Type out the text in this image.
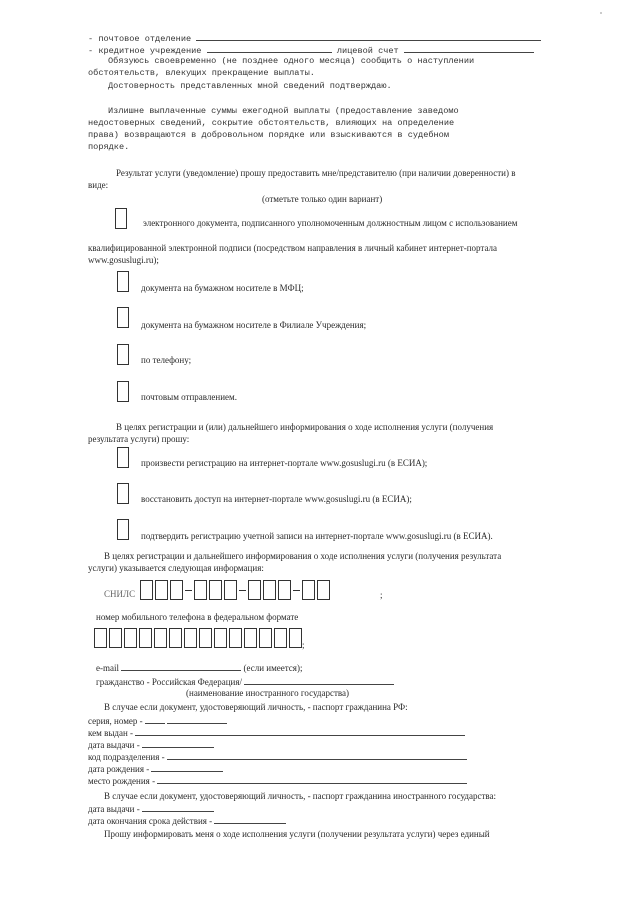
- почтовое отделение
- кредитное учреждение	лицевой счет
Обязуюсь своевременно (не позднее одного месяца) сообщить о наступлении
обстоятельств, влекущих прекращение выплаты.
Достоверность представленных мной сведений подтверждаю.
Излишне выплаченные суммы ежегодной выплаты (предоставление заведомо
недостоверных сведений, сокрытие обстоятельств, влияющих на определение
права) возвращаются в добровольном порядке или взыскиваются в судебном
порядке.
Результат услуги (уведомление) прошу предоставить мне/представителю (при наличии доверенности) в
виде:
(отметьте только один вариант)
электронного документа, подписанного уполномоченным должностным лицом с использованием
квалифицированной электронной подписи (посредством направления в личный кабинет интернет-портала
www.gosuslugi.ru);
документа на бумажном носителе в МФЦ;
документа на бумажном носителе в Филиале Учреждения;
по телефону;
почтовым отправлением.
В целях регистрации и (или) дальнейшего информирования о ходе исполнения услуги (получения
результата услуги) прошу:
произвести регистрацию на интернет-портале www.gosuslugi.ru (в ЕСИА);
восстановить доступ на интернет-портале www.gosuslugi.ru (в ЕСИА);
подтвердить регистрацию учетной записи на интернет-портале www.gosuslugi.ru (в ЕСИА).
В целях регистрации и дальнейшего информирования о ходе исполнения услуги (получения результата
услуги) указывается следующая информация:
СНИЛС	;
номер мобильного телефона в федеральном формате
;
e-mail	(если имеется);
гражданство - Российская Федерация/
(наименование иностранного государства)
В случае если документ, удостоверяющий личность, - паспорт гражданина РФ:
серия, номер -
кем выдан -
дата выдачи -
код подразделения -
дата рождения -
место рождения -
В случае если документ, удостоверяющий личность, - паспорт гражданина иностранного государства:
дата выдачи -
дата окончания срока действия -
Прошу информировать меня о ходе исполнения услуги (получении результата услуги) через единый
